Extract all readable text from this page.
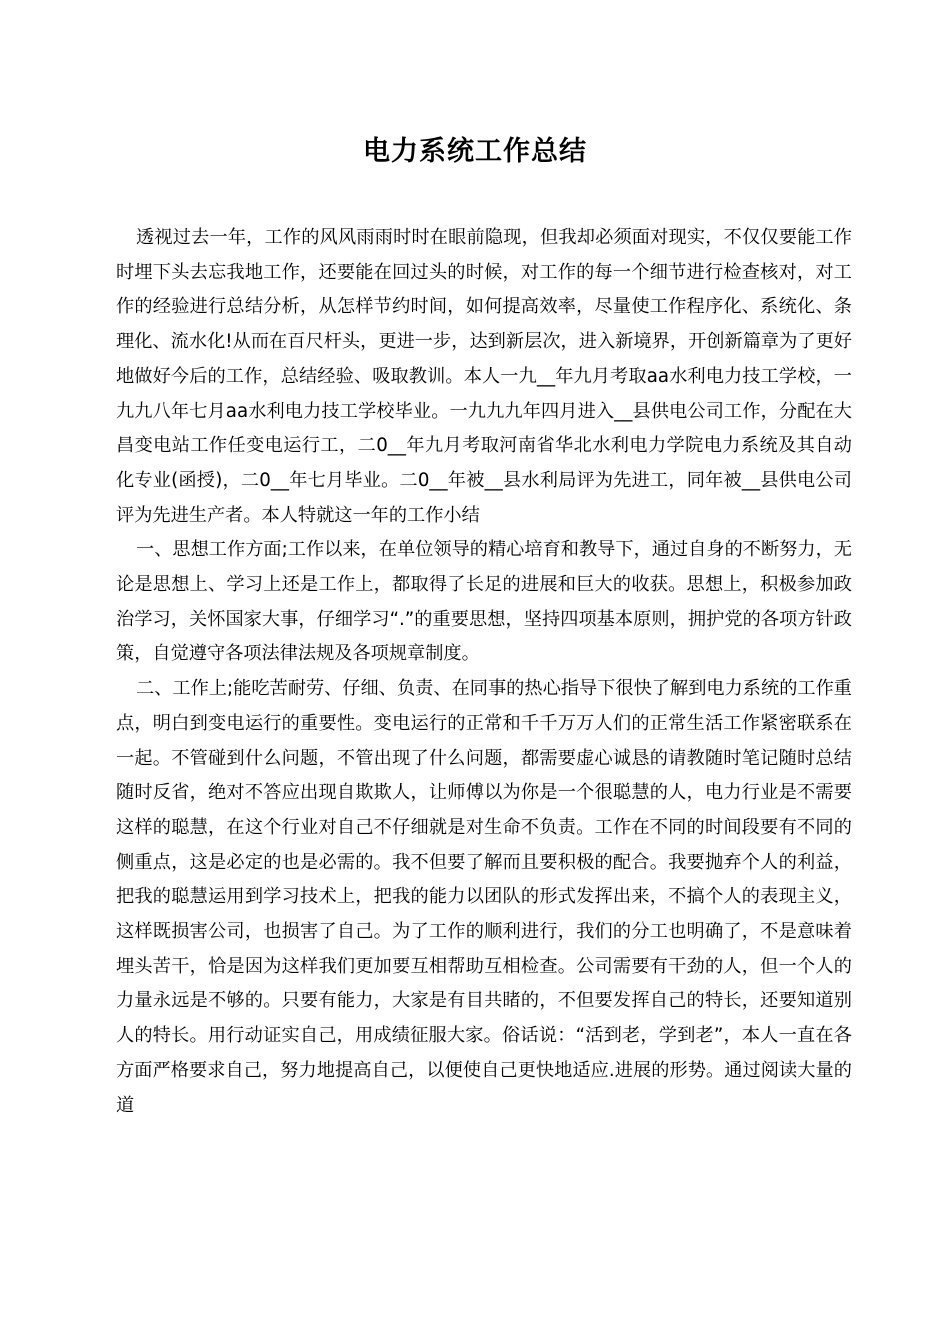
电力系统工作总结

透视过去一年，工作的风风雨雨时时在眼前隐现，但我却必须面对现实，不仅仅要能工作时埋下头去忘我地工作，还要能在回过头的时候，对工作的每一个细节进行检查核对，对工作的经验进行总结分析，从怎样节约时间，如何提高效率，尽量使工作程序化、系统化、条理化、流水化!从而在百尺杆头，更进一步，达到新层次，进入新境界，开创新篇章为了更好地做好今后的工作，总结经验、吸取教训。本人一九__年九月考取aa水利电力技工学校，一九九八年七月aa水利电力技工学校毕业。一九九九年四月进入__县供电公司工作，分配在大昌变电站工作任变电运行工，二0__年九月考取河南省华北水利电力学院电力系统及其自动化专业(函授)，二0__年七月毕业。二0__年被__县水利局评为先进工，同年被__县供电公司评为先进生产者。本人特就这一年的工作小结

一、思想工作方面;工作以来，在单位领导的精心培育和教导下，通过自身的不断努力，无论是思想上、学习上还是工作上，都取得了长足的进展和巨大的收获。思想上，积极参加政治学习，关怀国家大事，仔细学习“.”的重要思想，坚持四项基本原则，拥护党的各项方针政策，自觉遵守各项法律法规及各项规章制度。

二、工作上;能吃苦耐劳、仔细、负责、在同事的热心指导下很快了解到电力系统的工作重点，明白到变电运行的重要性。变电运行的正常和千千万万人们的正常生活工作紧密联系在一起。不管碰到什么问题，不管出现了什么问题，都需要虚心诚恳的请教随时笔记随时总结随时反省，绝对不答应出现自欺欺人，让师傅以为你是一个很聪慧的人，电力行业是不需要这样的聪慧，在这个行业对自己不仔细就是对生命不负责。工作在不同的时间段要有不同的侧重点，这是必定的也是必需的。我不但要了解而且要积极的配合。我要抛弃个人的利益，把我的聪慧运用到学习技术上，把我的能力以团队的形式发挥出来，不搞个人的表现主义，这样既损害公司，也损害了自己。为了工作的顺利进行，我们的分工也明确了，不是意味着埋头苦干，恰是因为这样我们更加要互相帮助互相检查。公司需要有干劲的人，但一个人的力量永远是不够的。只要有能力，大家是有目共睹的，不但要发挥自己的特长，还要知道别人的特长。用行动证实自己，用成绩征服大家。俗话说：“活到老，学到老”，本人一直在各方面严格要求自己，努力地提高自己，以便使自己更快地适应.进展的形势。通过阅读大量的道
